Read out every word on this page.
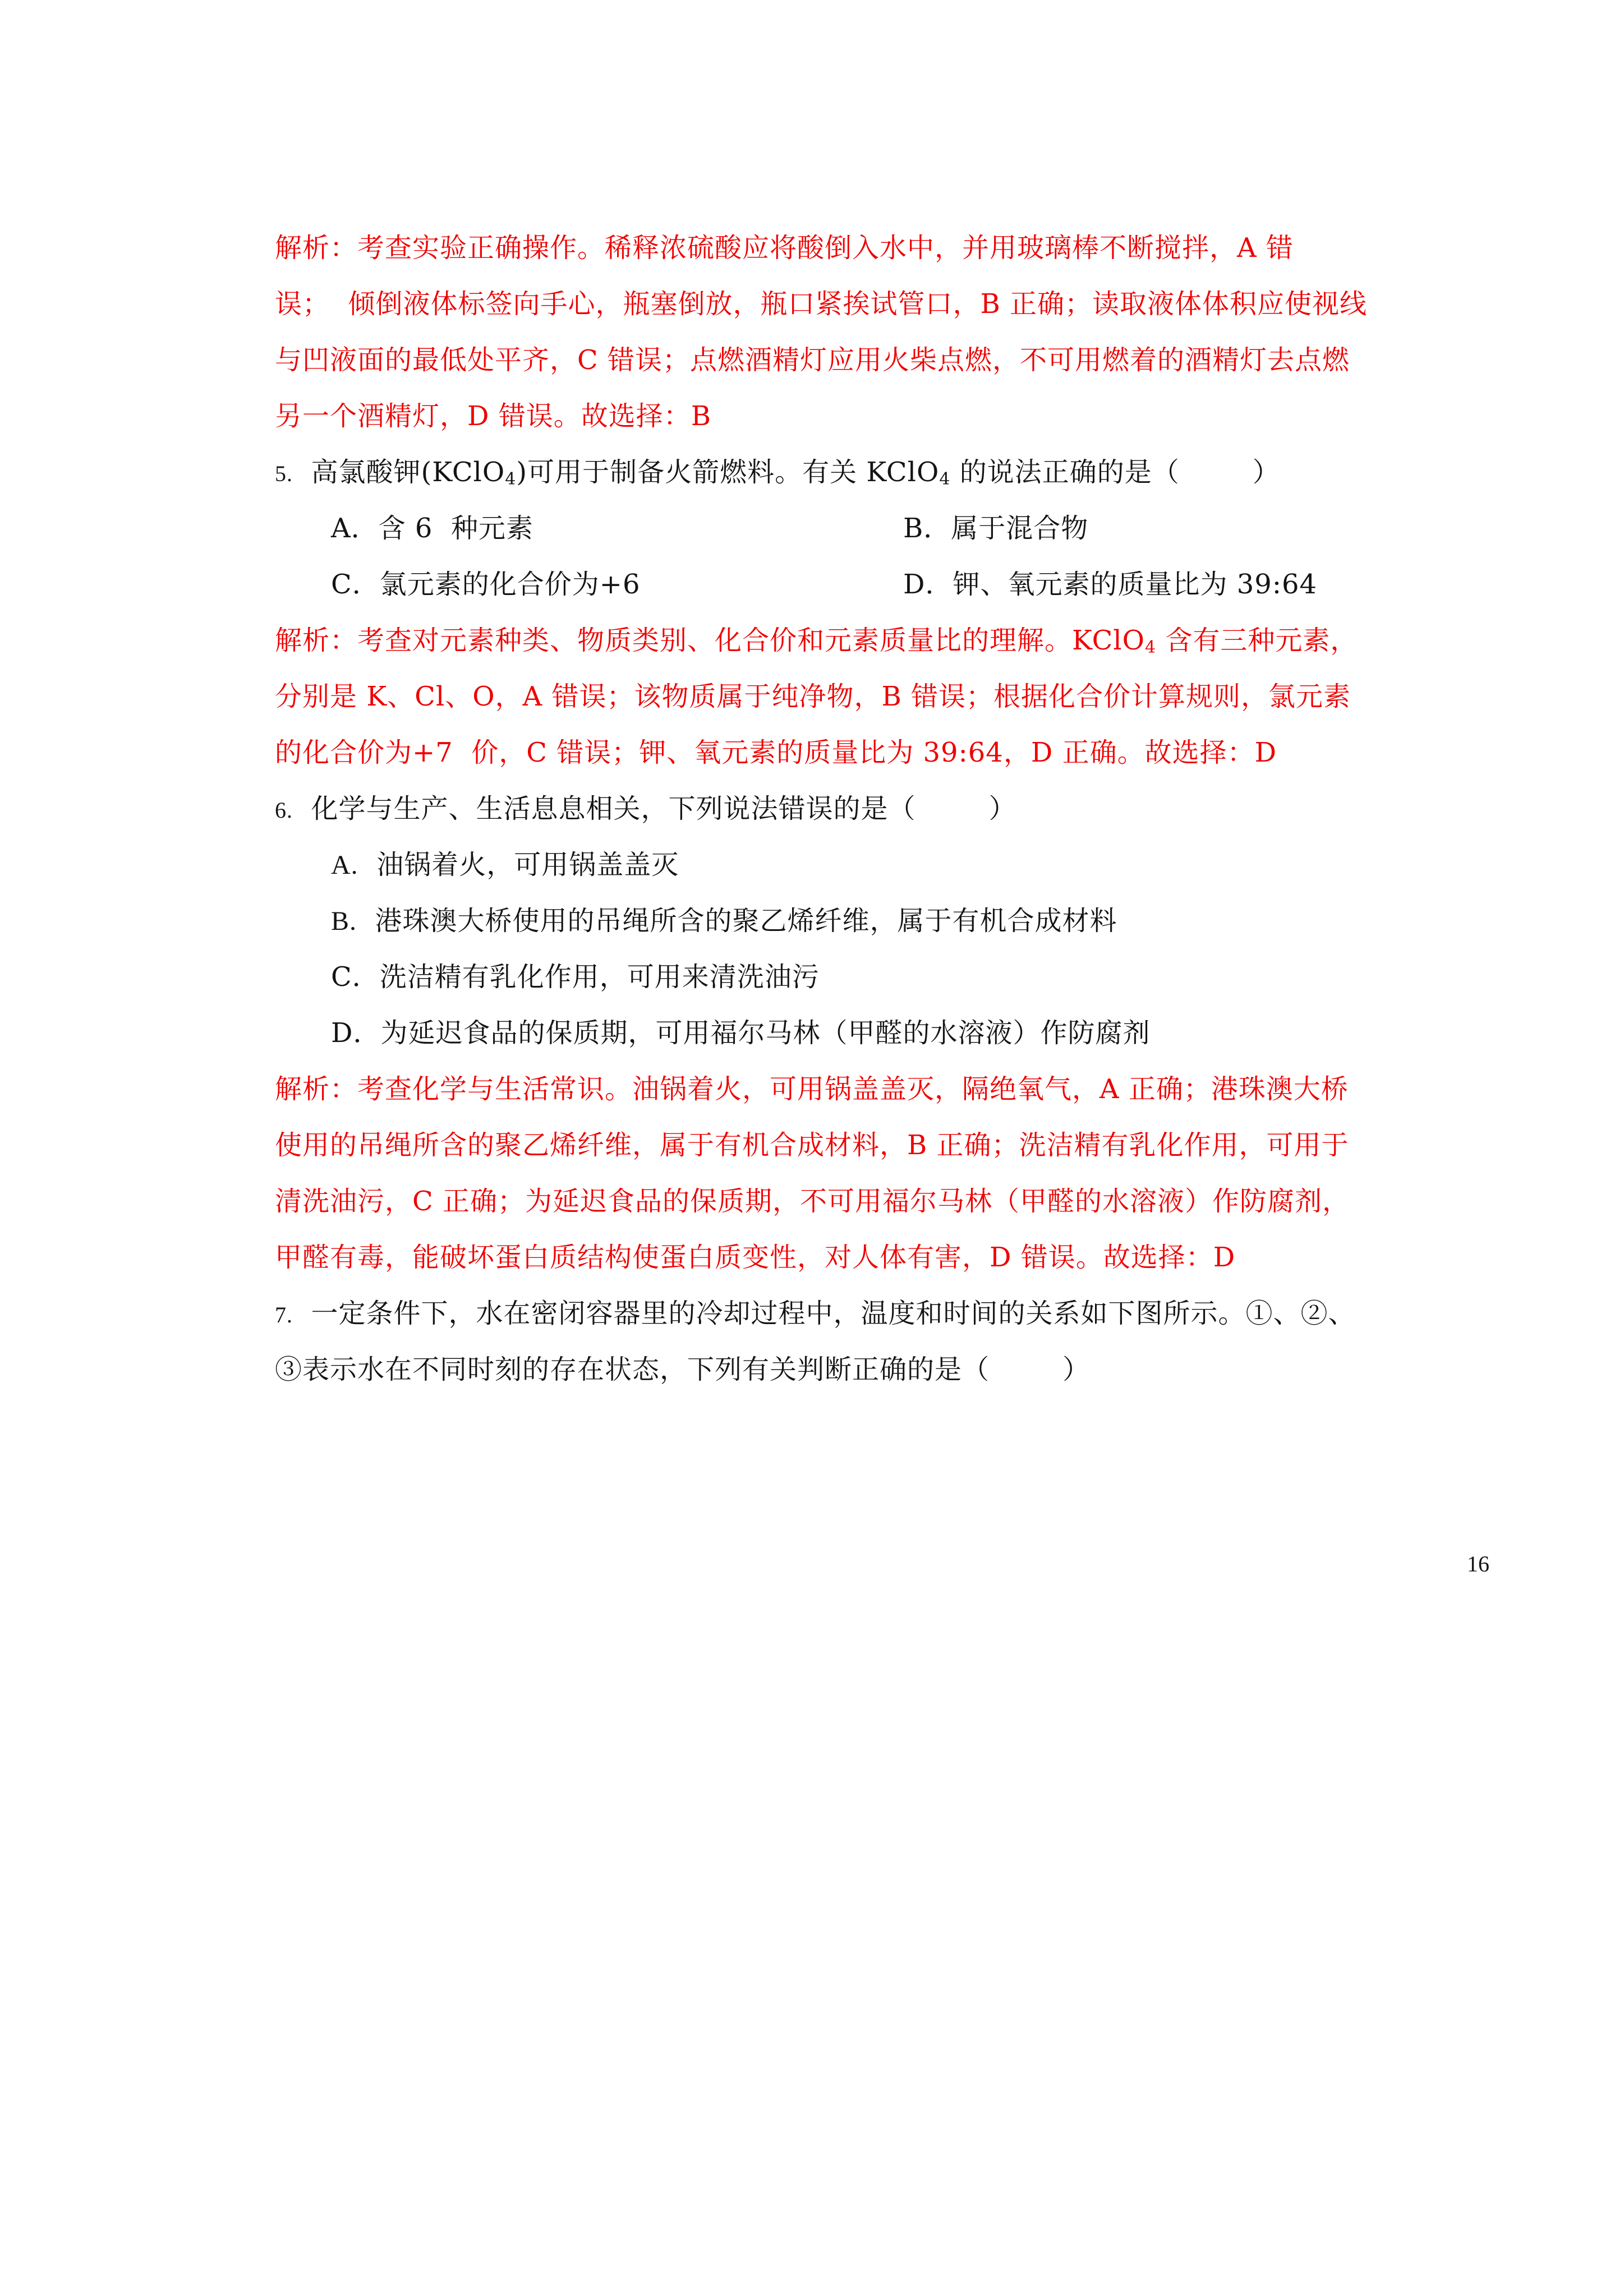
解析：考查实验正确操作。稀释浓硫酸应将酸倒入水中，并用玻璃棒不断搅拌，A 错
误；  倾倒液体标签向手心，瓶塞倒放，瓶口紧挨试管口，B 正确；读取液体体积应使视线
与凹液面的最低处平齐，C 错误；点燃酒精灯应用火柴点燃，不可用燃着的酒精灯去点燃
另一个酒精灯，D 错误。故选择：B
5. 高氯酸钾(KClO$_4$)可用于制备火箭燃料。有关 KClO$_4$ 的说法正确的是（        ）
A．含 6  种元素	B．属于混合物
C．氯元素的化合价为+6	D．钾、氧元素的质量比为 39:64
解析：考查对元素种类、物质类别、化合价和元素质量比的理解。KClO$_4$ 含有三种元素，
分别是 K、Cl、O，A 错误；该物质属于纯净物，B 错误；根据化合价计算规则，氯元素
的化合价为+7  价，C 错误；钾、氧元素的质量比为 39:64，D 正确。故选择：D
6. 化学与生产、生活息息相关，下列说法错误的是（        ）
A. 油锅着火，可用锅盖盖灭
B. 港珠澳大桥使用的吊绳所含的聚乙烯纤维，属于有机合成材料
C．洗洁精有乳化作用，可用来清洗油污
D．为延迟食品的保质期，可用福尔马林（甲醛的水溶液）作防腐剂
解析：考查化学与生活常识。油锅着火，可用锅盖盖灭，隔绝氧气，A 正确；港珠澳大桥
使用的吊绳所含的聚乙烯纤维，属于有机合成材料，B 正确；洗洁精有乳化作用，可用于
清洗油污，C 正确；为延迟食品的保质期，不可用福尔马林（甲醛的水溶液）作防腐剂，
甲醛有毒，能破坏蛋白质结构使蛋白质变性，对人体有害，D 错误。故选择：D
7. 一定条件下，水在密闭容器里的冷却过程中，温度和时间的关系如下图所示。①、②、
③表示水在不同时刻的存在状态，下列有关判断正确的是（        ）
16
